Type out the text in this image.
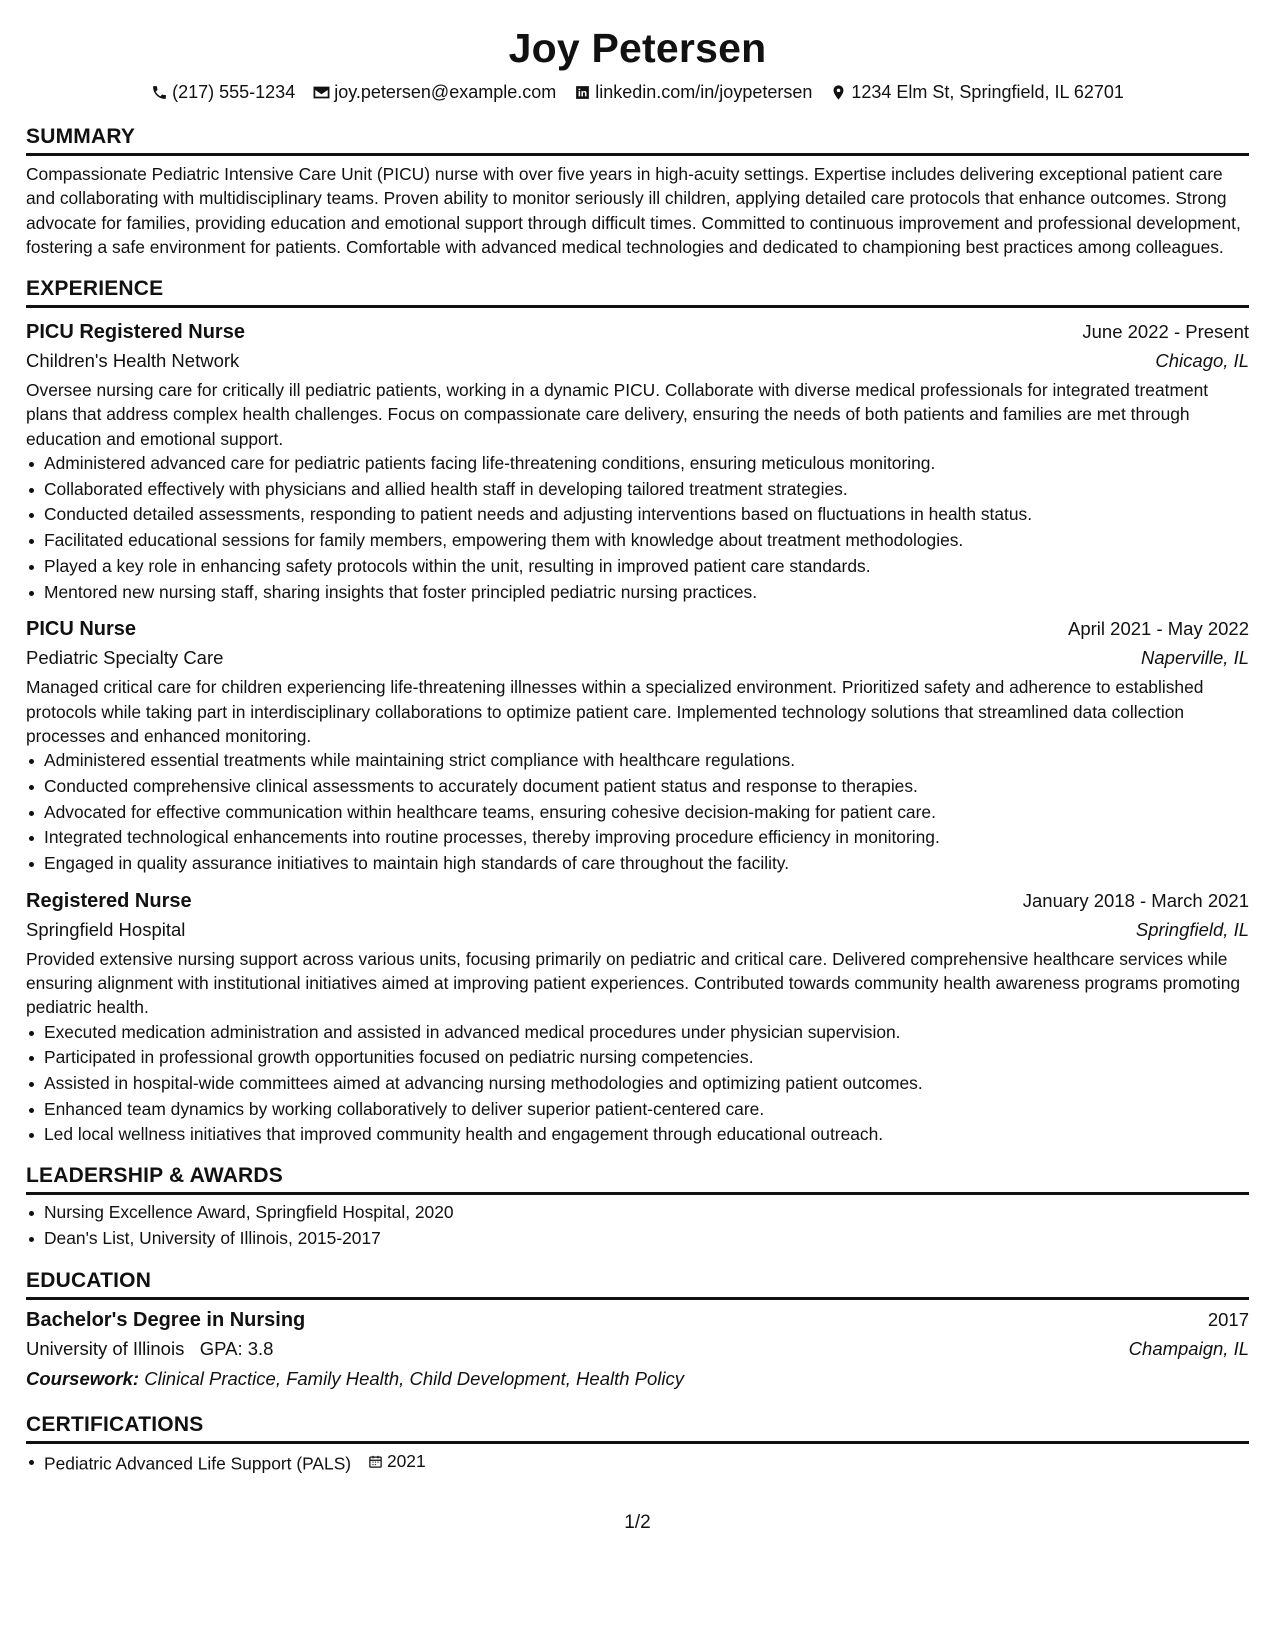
Joy Petersen
(217) 555-1234 joy.petersen@example.com linkedin.com/in/joypetersen 1234 Elm St, Springfield, IL 62701
SUMMARY

Compassionate Pediatric Intensive Care Unit (PICU) nurse with over five years in high-acuity settings. Expertise includes delivering exceptional patient care and collaborating with multidisciplinary teams. Proven ability to monitor seriously ill children, applying detailed care protocols that enhance outcomes. Strong advocate for families, providing education and emotional support through difficult times. Committed to continuous improvement and professional development, fostering a safe environment for patients. Comfortable with advanced medical technologies and dedicated to championing best practices among colleagues.

EXPERIENCE
PICU Registered Nurse	June 2022 - Present
Children's Health Network	Chicago, IL

Oversee nursing care for critically ill pediatric patients, working in a dynamic PICU. Collaborate with diverse medical professionals for integrated treatment plans that address complex health challenges. Focus on compassionate care delivery, ensuring the needs of both patients and families are met through education and emotional support.

Administered advanced care for pediatric patients facing life-threatening conditions, ensuring meticulous monitoring.
Collaborated effectively with physicians and allied health staff in developing tailored treatment strategies.
Conducted detailed assessments, responding to patient needs and adjusting interventions based on fluctuations in health status.
Facilitated educational sessions for family members, empowering them with knowledge about treatment methodologies.
Played a key role in enhancing safety protocols within the unit, resulting in improved patient care standards.
Mentored new nursing staff, sharing insights that foster principled pediatric nursing practices.
PICU Nurse	April 2021 - May 2022
Pediatric Specialty Care	Naperville, IL

Managed critical care for children experiencing life-threatening illnesses within a specialized environment. Prioritized safety and adherence to established protocols while taking part in interdisciplinary collaborations to optimize patient care. Implemented technology solutions that streamlined data collection processes and enhanced monitoring.

Administered essential treatments while maintaining strict compliance with healthcare regulations.
Conducted comprehensive clinical assessments to accurately document patient status and response to therapies.
Advocated for effective communication within healthcare teams, ensuring cohesive decision-making for patient care.
Integrated technological enhancements into routine processes, thereby improving procedure efficiency in monitoring.
Engaged in quality assurance initiatives to maintain high standards of care throughout the facility.
Registered Nurse	January 2018 - March 2021
Springfield Hospital	Springfield, IL

Provided extensive nursing support across various units, focusing primarily on pediatric and critical care. Delivered comprehensive healthcare services while ensuring alignment with institutional initiatives aimed at improving patient experiences. Contributed towards community health awareness programs promoting pediatric health.

Executed medication administration and assisted in advanced medical procedures under physician supervision.
Participated in professional growth opportunities focused on pediatric nursing competencies.
Assisted in hospital-wide committees aimed at advancing nursing methodologies and optimizing patient outcomes.
Enhanced team dynamics by working collaboratively to deliver superior patient-centered care.
Led local wellness initiatives that improved community health and engagement through educational outreach.
LEADERSHIP & AWARDS
Nursing Excellence Award, Springfield Hospital, 2020
Dean's List, University of Illinois, 2015-2017
EDUCATION
Bachelor's Degree in Nursing	2017
University of Illinois GPA: 3.8	Champaign, IL
Coursework: Clinical Practice, Family Health, Child Development, Health Policy
CERTIFICATIONS
Pediatric Advanced Life Support (PALS) 2021
1/2
